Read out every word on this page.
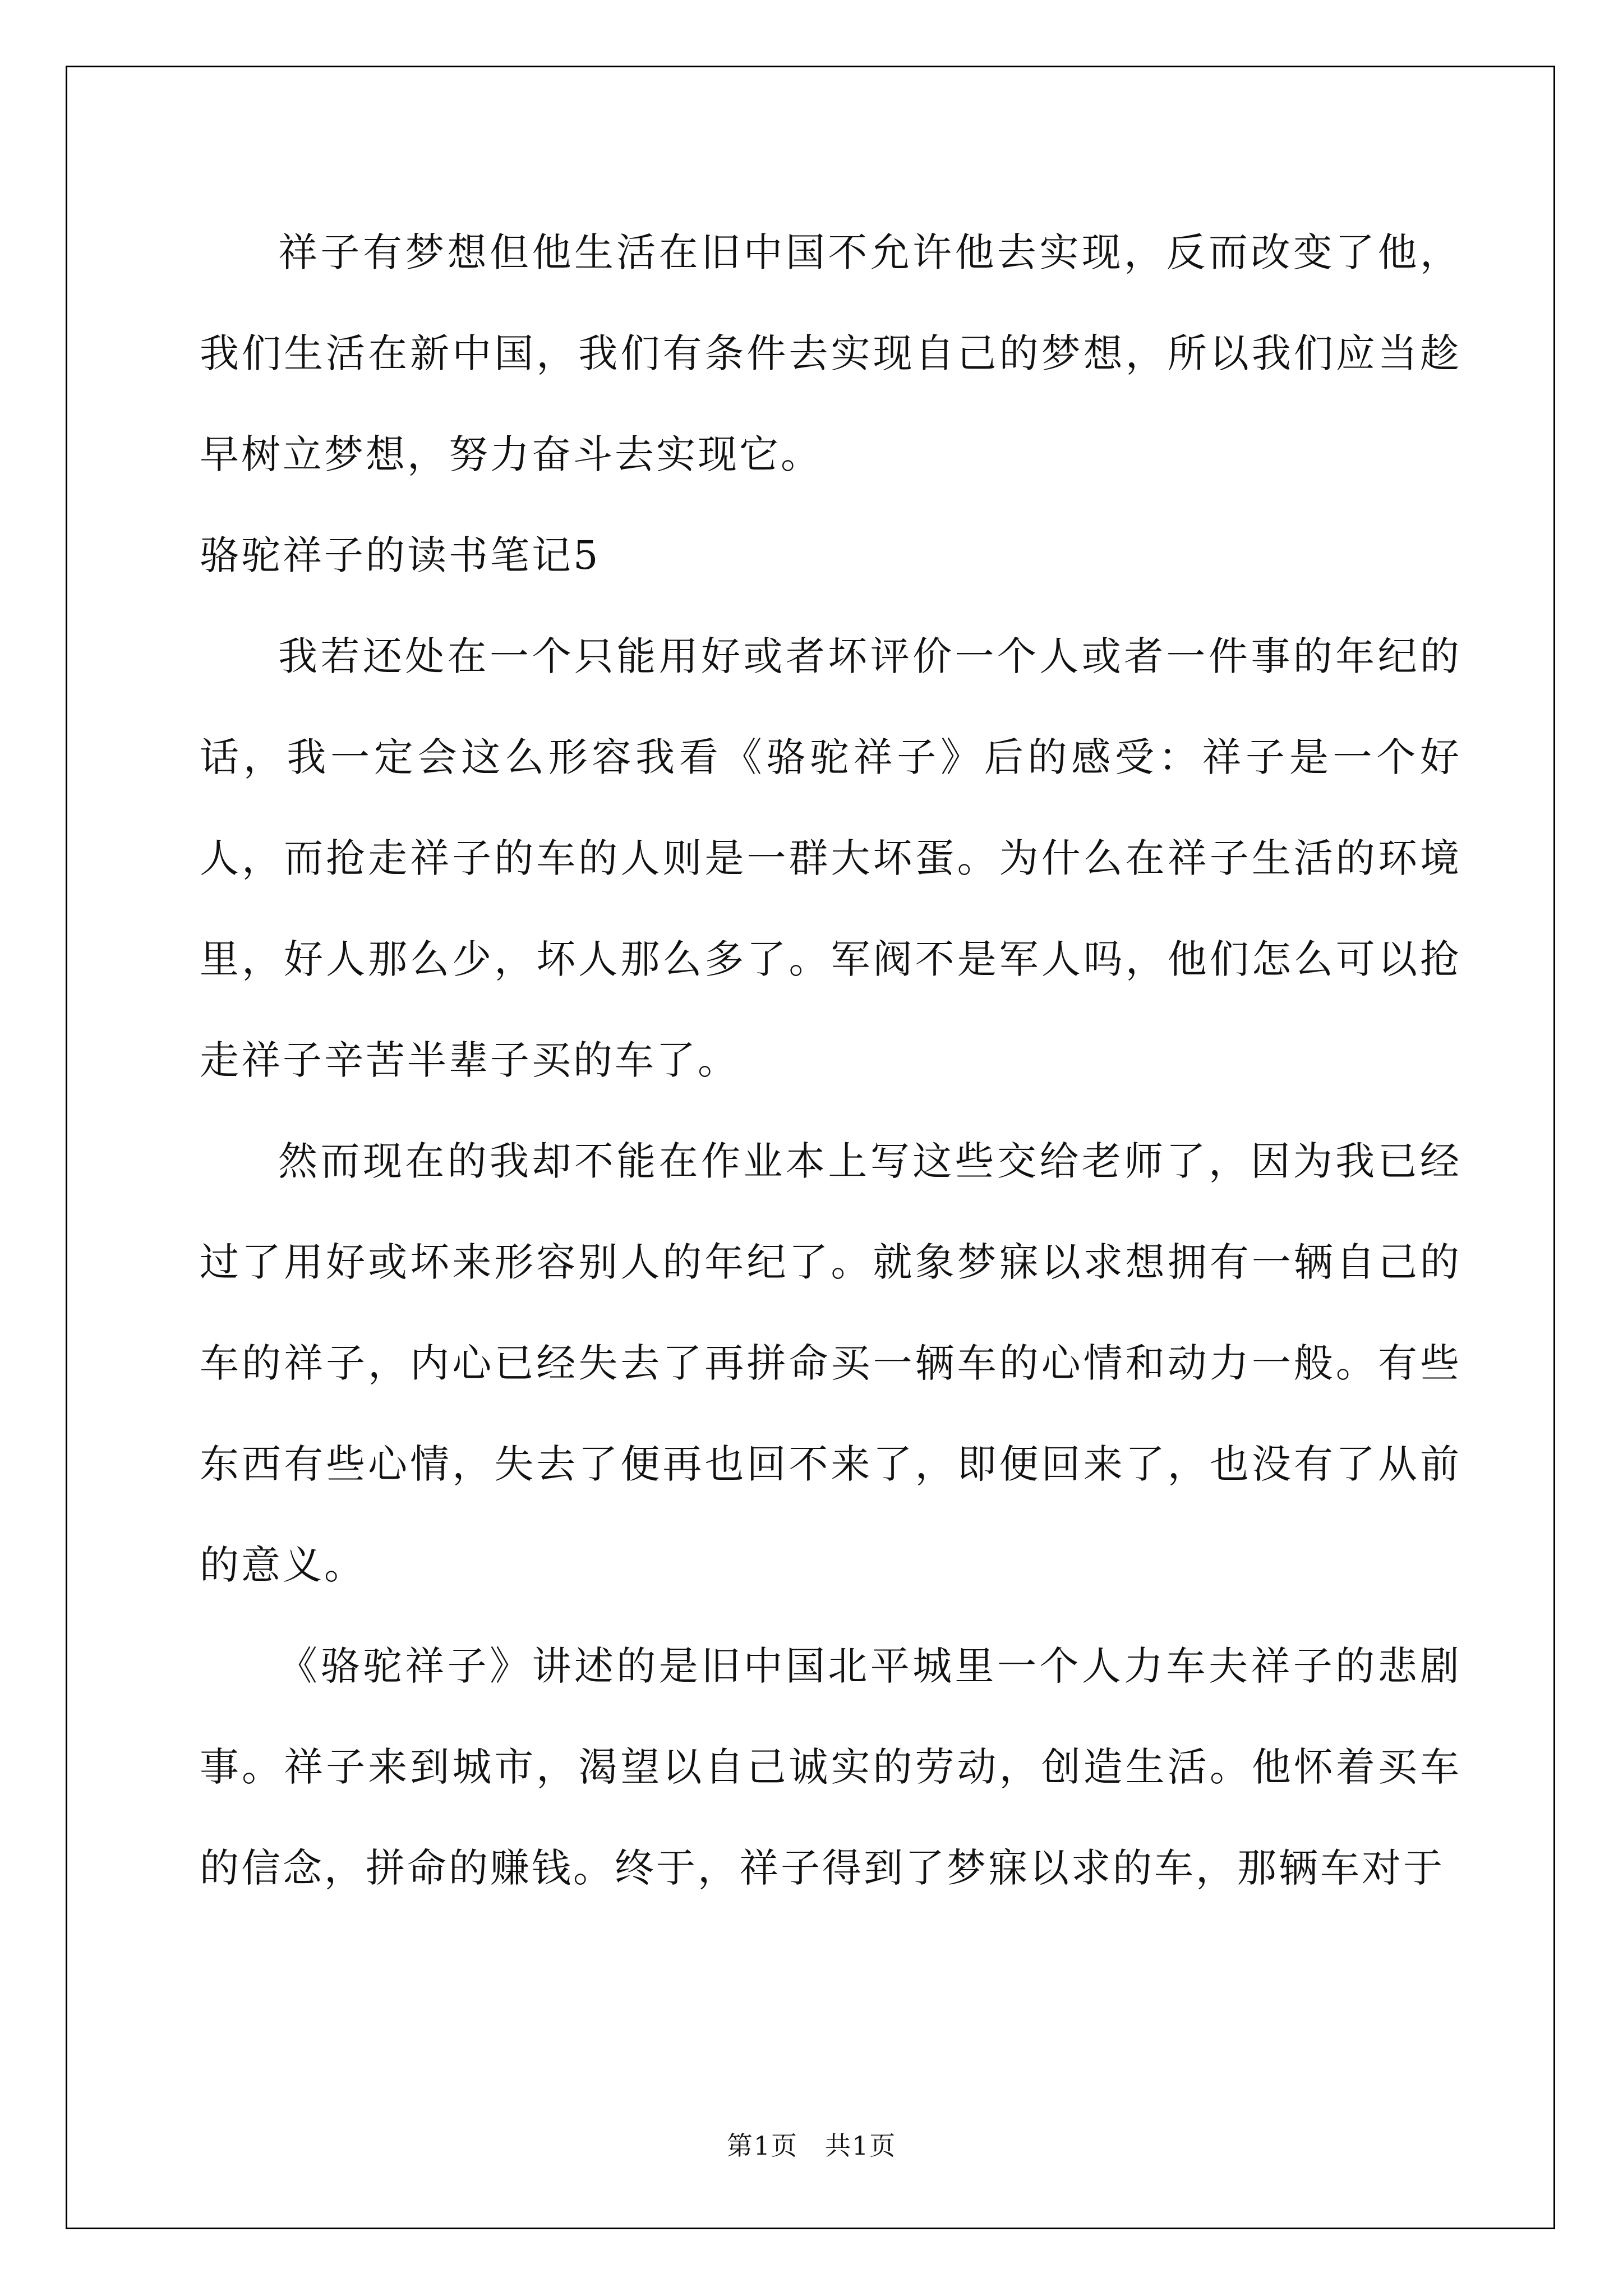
祥子有梦想但他生活在旧中国不允许他去实现，反而改变了他，我们生活在新中国，我们有条件去实现自己的梦想，所以我们应当趁早树立梦想，努力奋斗去实现它。

骆驼祥子的读书笔记5

我若还处在一个只能用好或者坏评价一个人或者一件事的年纪的话，我一定会这么形容我看《骆驼祥子》后的感受：祥子是一个好人，而抢走祥子的车的人则是一群大坏蛋。为什么在祥子生活的环境里，好人那么少，坏人那么多了。军阀不是军人吗，他们怎么可以抢走祥子辛苦半辈子买的车了。

然而现在的我却不能在作业本上写这些交给老师了，因为我已经过了用好或坏来形容别人的年纪了。就象梦寐以求想拥有一辆自己的车的祥子，内心已经失去了再拼命买一辆车的心情和动力一般。有些东西有些心情，失去了便再也回不来了，即便回来了，也没有了从前的意义。

《骆驼祥子》讲述的是旧中国北平城里一个人力车夫祥子的悲剧事。祥子来到城市，渴望以自己诚实的劳动，创造生活。他怀着买车的信念，拼命的赚钱。终于，祥子得到了梦寐以求的车，那辆车对于

第1页　共1页
